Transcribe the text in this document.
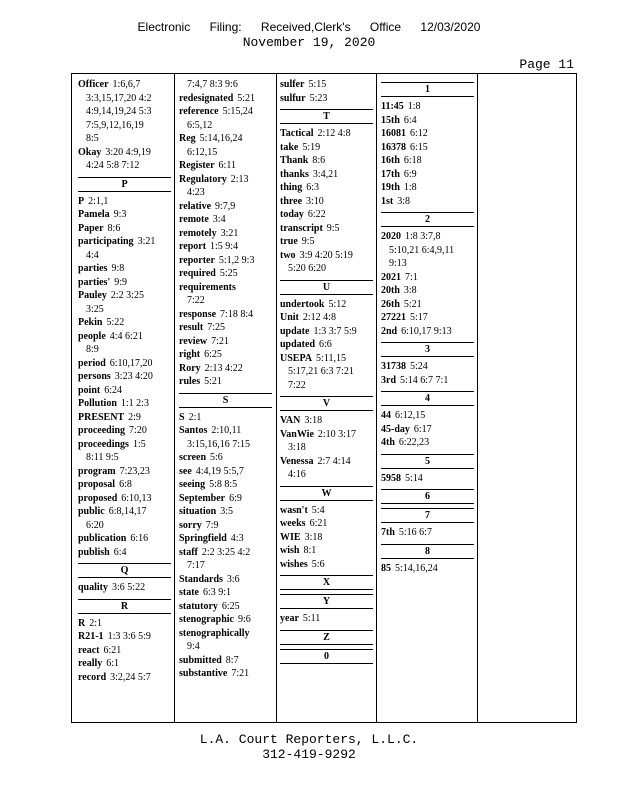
Electronic Filing: Received,Clerk's Office 12/03/2020
November 19, 2020
Page 11
Officer 1:6,6,7
3:3,15,17,20 4:2
4:9,14,19,24 5:3
7:5,9,12,16,19
8:5
Okay 3:20 4:9,19
4:24 5:8 7:12
P
P 2:1,1
Pamela 9:3
Paper 8:6
participating 3:21
4:4
parties 9:8
parties' 9:9
Pauley 2:2 3:25
3:25
Pekin 5:22
people 4:4 6:21
8:9
period 6:10,17,20
persons 3:23 4:20
point 6:24
Pollution 1:1 2:3
PRESENT 2:9
proceeding 7:20
proceedings 1:5
8:11 9:5
program 7:23,23
proposal 6:8
proposed 6:10,13
public 6:8,14,17
6:20
publication 6:16
publish 6:4
Q
quality 3:6 5:22
R
R 2:1
R21-1 1:3 3:6 5:9
react 6:21
really 6:1
record 3:2,24 5:7
7:4,7 8:3 9:6
redesignated 5:21
reference 5:15,24
6:5,12
Reg 5:14,16,24
6:12,15
Register 6:11
Regulatory 2:13
4:23
relative 9:7,9
remote 3:4
remotely 3:21
report 1:5 9:4
reporter 5:1,2 9:3
required 5:25
requirements
7:22
response 7:18 8:4
result 7:25
review 7:21
right 6:25
Rory 2:13 4:22
rules 5:21
S
S 2:1
Santos 2:10,11
3:15,16,16 7:15
screen 5:6
see 4:4,19 5:5,7
seeing 5:8 8:5
September 6:9
situation 3:5
sorry 7:9
Springfield 4:3
staff 2:2 3:25 4:2
7:17
Standards 3:6
state 6:3 9:1
statutory 6:25
stenographic 9:6
stenographically
9:4
submitted 8:7
substantive 7:21
sulfer 5:15
sulfur 5:23
T
Tactical 2:12 4:8
take 5:19
Thank 8:6
thanks 3:4,21
thing 6:3
three 3:10
today 6:22
transcript 9:5
true 9:5
two 3:9 4:20 5:19
5:20 6:20
U
undertook 5:12
Unit 2:12 4:8
update 1:3 3:7 5:9
updated 6:6
USEPA 5:11,15
5:17,21 6:3 7:21
7:22
V
VAN 3:18
VanWie 2:10 3:17
3:18
Venessa 2:7 4:14
4:16
W
wasn't 5:4
weeks 6:21
WIE 3:18
wish 8:1
wishes 5:6
X
Y
year 5:11
Z
0
1
11:45 1:8
15th 6:4
16081 6:12
16378 6:15
16th 6:18
17th 6:9
19th 1:8
1st 3:8
2
2020 1:8 3:7,8
5:10,21 6:4,9,11
9:13
2021 7:1
20th 3:8
26th 5:21
27221 5:17
2nd 6:10,17 9:13
3
31738 5:24
3rd 5:14 6:7 7:1
4
44 6:12,15
45-day 6:17
4th 6:22,23
5
5958 5:14
6
7
7th 5:16 6:7
8
85 5:14,16,24
L.A. Court Reporters, L.L.C.
312-419-9292
